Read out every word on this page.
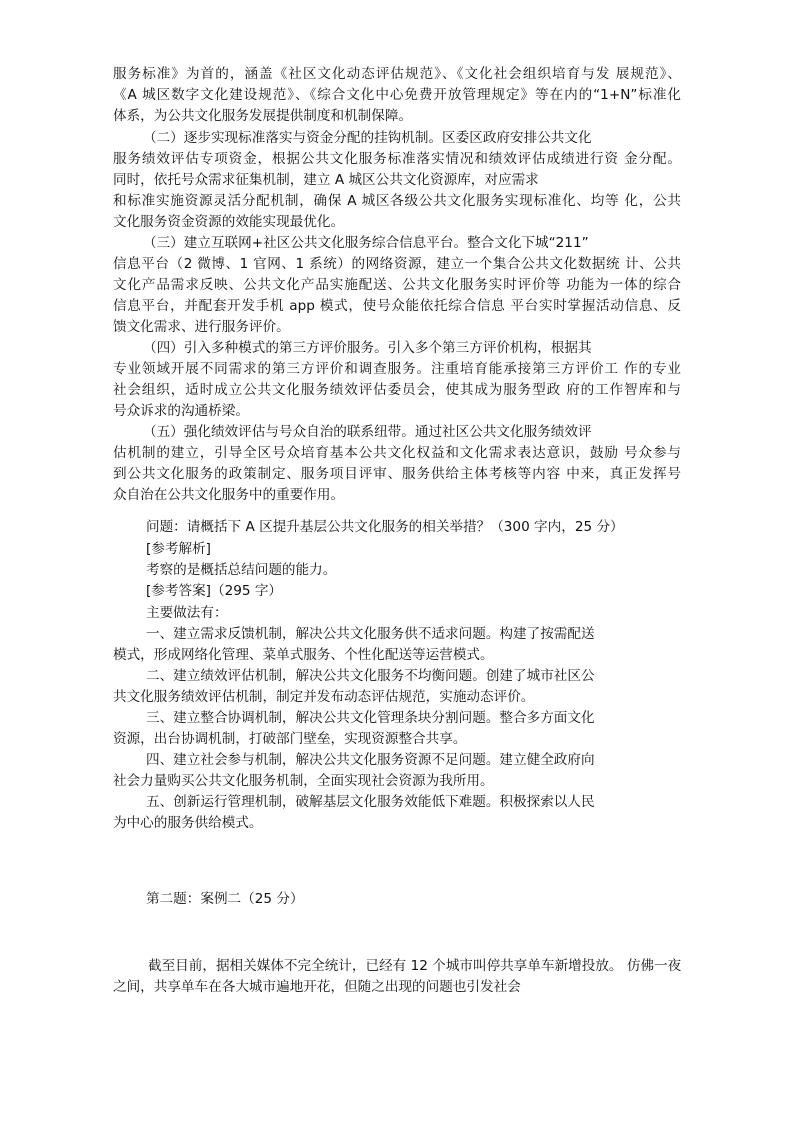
服务标准》为首的，涵盖《社区文化动态评估规范》、《文化社会组织培育与发 展规范》、

《A 城区数字文化建设规范》、《综合文化中心免费开放管理规定》等在内的“1+N”标准化

体系，为公共文化服务发展提供制度和机制保障。

（二）逐步实现标准落实与资金分配的挂钩机制。区委区政府安排公共文化

服务绩效评估专项资金，根据公共文化服务标准落实情况和绩效评估成绩进行资 金分配。

同时，依托号众需求征集机制，建立 A 城区公共文化资源库，对应需求

和标准实施资源灵活分配机制，确保 A 城区各级公共文化服务实现标准化、均等 化，公共

文化服务资金资源的效能实现最优化。

（三）建立互联网+社区公共文化服务综合信息平台。整合文化下城“211”

信息平台（2 微博、1 官网、1 系统）的网络资源，建立一个集合公共文化数据统 计、公共

文化产品需求反映、公共文化产品实施配送、公共文化服务实时评价等 功能为一体的综合

信息平台，并配套开发手机 app 模式，使号众能依托综合信息 平台实时掌握活动信息、反

馈文化需求、进行服务评价。

（四）引入多种模式的第三方评价服务。引入多个第三方评价机构，根据其

专业领域开展不同需求的第三方评价和调查服务。注重培育能承接第三方评价工 作的专业

社会组织，适时成立公共文化服务绩效评估委员会，使其成为服务型政 府的工作智库和与

号众诉求的沟通桥梁。

（五）强化绩效评估与号众自治的联系纽带。通过社区公共文化服务绩效评

估机制的建立，引导全区号众培育基本公共文化权益和文化需求表达意识，鼓励 号众参与

到公共文化服务的政策制定、服务项目评审、服务供给主体考核等内容 中来，真正发挥号

众自治在公共文化服务中的重要作用。

问题：请概括下 A 区提升基层公共文化服务的相关举措？（300 字内，25 分）

[参考解析]

考察的是概括总结问题的能力。

[参考答案]（295 字）

主要做法有：

一、建立需求反馈机制，解决公共文化服务供不适求问题。构建了按需配送

模式，形成网络化管理、菜单式服务、个性化配送等运营模式。

二、建立绩效评估机制，解决公共文化服务不均衡问题。创建了城市社区公

共文化服务绩效评估机制，制定并发布动态评估规范，实施动态评价。

三、建立整合协调机制，解决公共文化管理条块分割问题。整合多方面文化

资源，出台协调机制，打破部门壁垒，实现资源整合共享。

四、建立社会参与机制，解决公共文化服务资源不足问题。建立健全政府向

社会力量购买公共文化服务机制，全面实现社会资源为我所用。

五、创新运行管理机制，破解基层文化服务效能低下难题。积极探索以人民

为中心的服务供给模式。

第二题：案例二（25 分）

截至目前，据相关媒体不完全统计，已经有 12 个城市叫停共享单车新增投放。 仿佛一夜

之间，共享单车在各大城市遍地开花，但随之出现的问题也引发社会
